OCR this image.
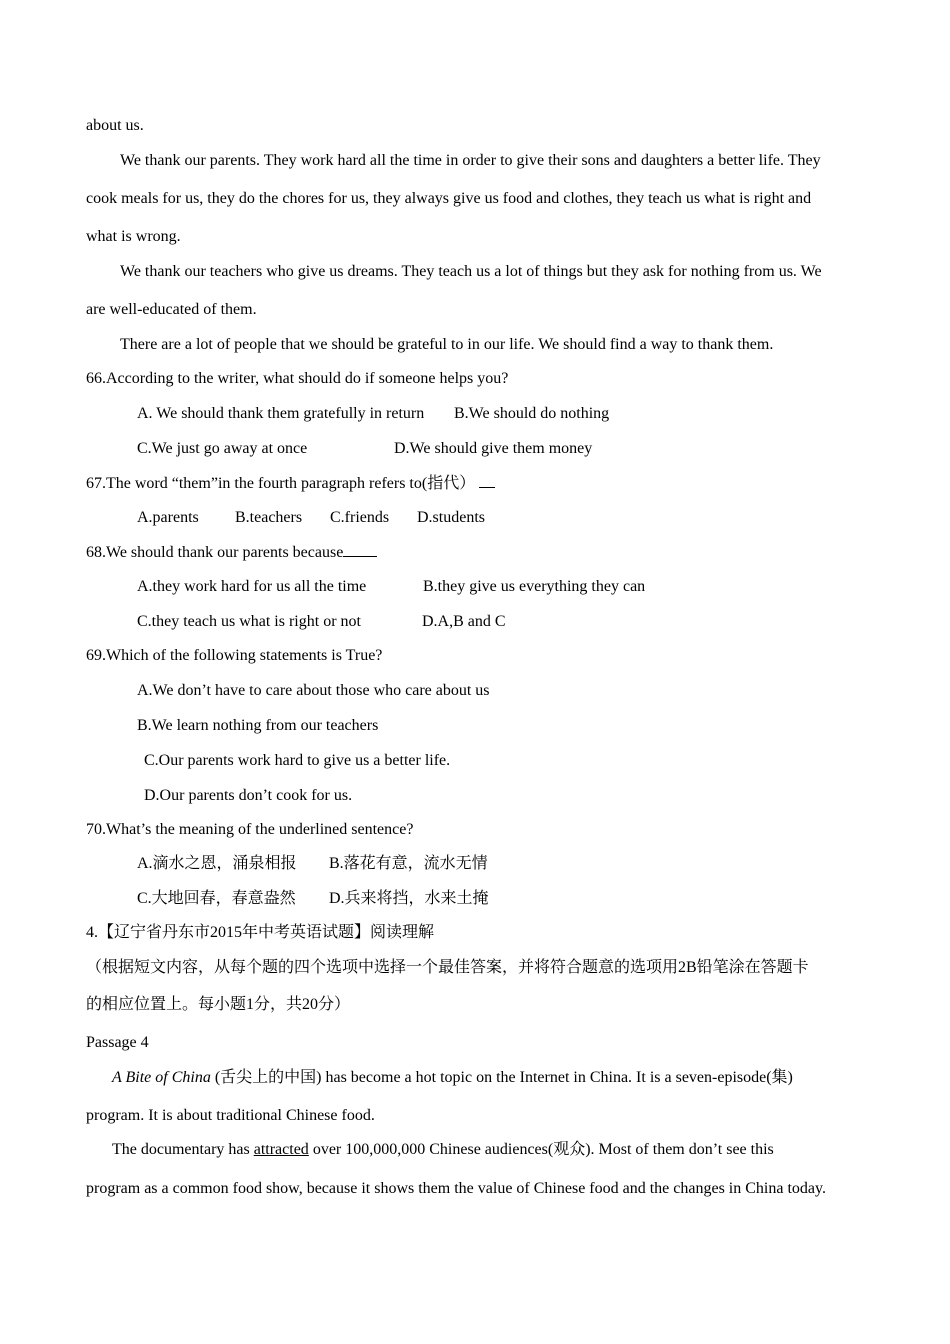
about us.
We thank our parents. They work hard all the time in order to give their sons and daughters a better life. They
cook meals for us, they do the chores for us, they always give us food and clothes, they teach us what is right and
what is wrong.
We thank our teachers who give us dreams. They teach us a lot of things but they ask for nothing from us. We
are well-educated of them.
There are a lot of people that we should be grateful to in our life. We should find a way to thank them.
66.According to the writer, what should do if someone helps you?
A. We should thank them gratefully in return B.We should do nothing
C.We just go away at once	D.We should give them money
67.The word “them”in the fourth paragraph refers to(指代）
A.parents B.teachers C.friends D.students
68.We should thank our parents because
A.they work hard for us all the time	B.they give us everything they can
C.they teach us what is right or not	D.A,B and C
69.Which of the following statements is True?
A.We don’t have to care about those who care about us
B.We learn nothing from our teachers
C.Our parents work hard to give us a better life.
D.Our parents don’t cook for us.
70.What’s the meaning of the underlined sentence?
A.滴水之恩，涌泉相报 B.落花有意，流水无情
C.大地回春，春意盎然 D.兵来将挡，水来土掩
4.【辽宁省丹东市2015年中考英语试题】阅读理解
（根据短文内容，从每个题的四个选项中选择一个最佳答案，并将符合题意的选项用2B铅笔涂在答题卡
的相应位置上。每小题1分，共20分）
Passage 4
A Bite of China (舌尖上的中国) has become a hot topic on the Internet in China. It is a seven-episode(集)
program. It is about traditional Chinese food.
The documentary has attracted over 100,000,000 Chinese audiences(观众). Most of them don’t see this
program as a common food show, because it shows them the value of Chinese food and the changes in China today.
